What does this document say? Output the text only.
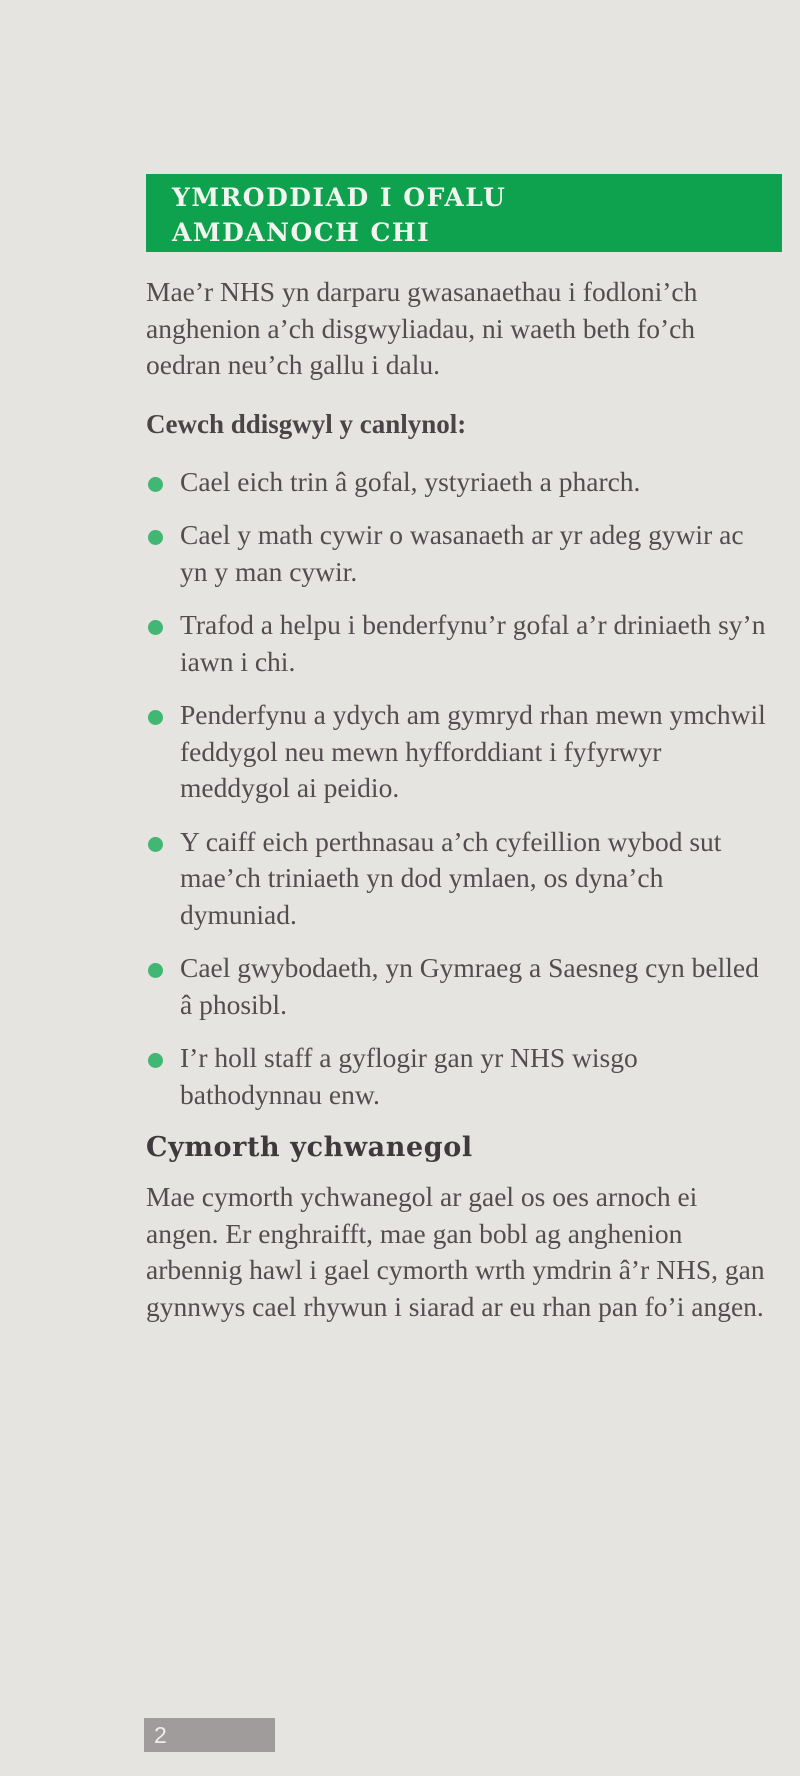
YMRODDIAD I OFALU
AMDANOCH CHI

Mae’r NHS yn darparu gwasanaethau i fodloni’ch anghenion a’ch disgwyliadau, ni waeth beth fo’ch oedran neu’ch gallu i dalu.

Cewch ddisgwyl y canlynol:

Cael eich trin â gofal, ystyriaeth a pharch.
Cael y math cywir o wasanaeth ar yr adeg gywir ac yn y man cywir.
Trafod a helpu i benderfynu’r gofal a’r driniaeth sy’n iawn i chi.
Penderfynu a ydych am gymryd rhan mewn ymchwil feddygol neu mewn hyfforddiant i fyfyrwyr meddygol ai peidio.
Y caiff eich perthnasau a’ch cyfeillion wybod sut mae’ch triniaeth yn dod ymlaen, os dyna’ch dymuniad.
Cael gwybodaeth, yn Gymraeg a Saesneg cyn belled â phosibl.
I’r holl staff a gyflogir gan yr NHS wisgo bathodynnau enw.
Cymorth ychwanegol

Mae cymorth ychwanegol ar gael os oes arnoch ei angen. Er enghraifft, mae gan bobl ag anghenion arbennig hawl i gael cymorth wrth ymdrin â’r NHS, gan gynnwys cael rhywun i siarad ar eu rhan pan fo’i angen.

2
